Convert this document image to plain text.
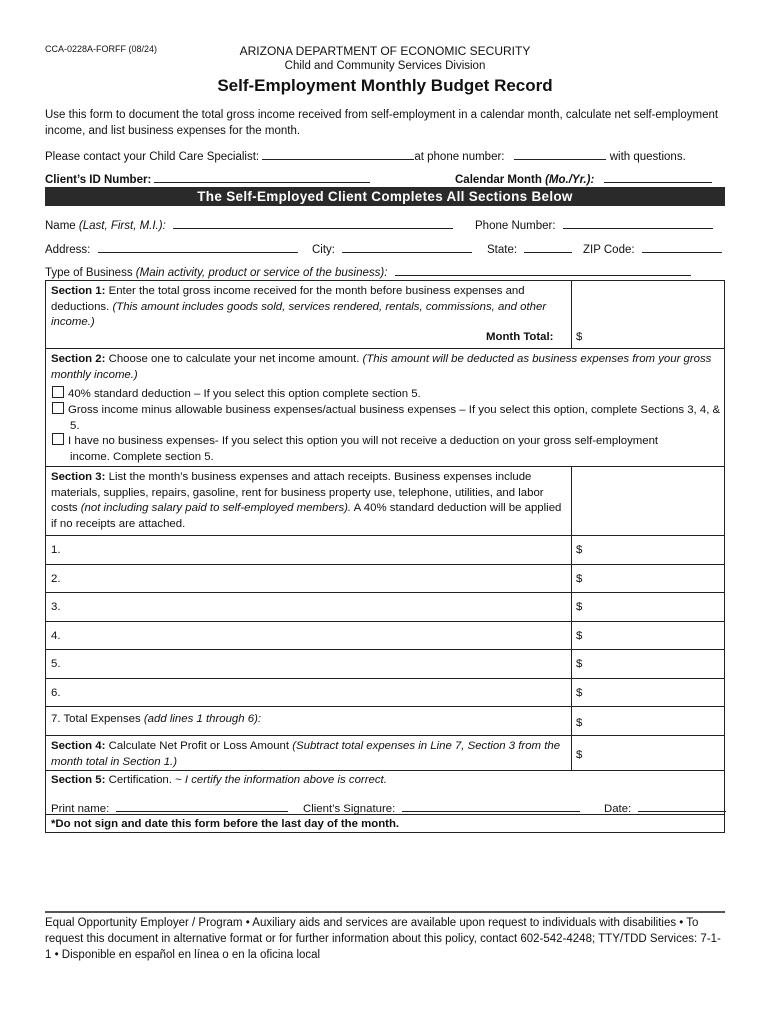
CCA-0228A-FORFF (08/24)	ARIZONA DEPARTMENT OF ECONOMIC SECURITY
Child and Community Services Division
Self-Employment Monthly Budget Record
Use this form to document the total gross income received from self-employment in a calendar month, calculate net self-employment income, and list business expenses for the month.
Please contact your Child Care Specialist:	at phone number:	with questions.
Client’s ID Number:	Calendar Month (Mo./Yr.):
The Self-Employed Client Completes All Sections Below
Name (Last, First, M.I.):	Phone Number:
Address:	City:	State:	ZIP Code:
Type of Business (Main activity, product or service of the business):
Section 1: Enter the total gross income received for the month before business expenses and deductions. (This amount includes goods sold, services rendered, rentals, commissions, and other income.)
Month Total: $
Section 2: Choose one to calculate your net income amount. (This amount will be deducted as business expenses from your gross monthly income.)
40% standard deduction – If you select this option complete section 5.
Gross income minus allowable business expenses/actual business expenses – If you select this option, complete Sections 3, 4, & 5.
I have no business expenses- If you select this option you will not receive a deduction on your gross self-employment income. Complete section 5.
Section 3: List the month’s business expenses and attach receipts. Business expenses include materials, supplies, repairs, gasoline, rent for business property use, telephone, utilities, and labor costs (not including salary paid to self-employed members). A 40% standard deduction will be applied if no receipts are attached.
1.	$
2.	$
3.	$
4.	$
5.	$
6.	$
7. Total Expenses (add lines 1 through 6):	$
Section 4: Calculate Net Profit or Loss Amount (Subtract total expenses in Line 7, Section 3 from the month total in Section 1.)
$
Section 5: Certification. ~ I certify the information above is correct.
Print name:	Client’s Signature:	Date:
*Do not sign and date this form before the last day of the month.
Equal Opportunity Employer / Program • Auxiliary aids and services are available upon request to individuals with disabilities • To request this document in alternative format or for further information about this policy, contact 602-542-4248; TTY/TDD Services: 7-1-1 • Disponible en español en línea o en la oficina local
